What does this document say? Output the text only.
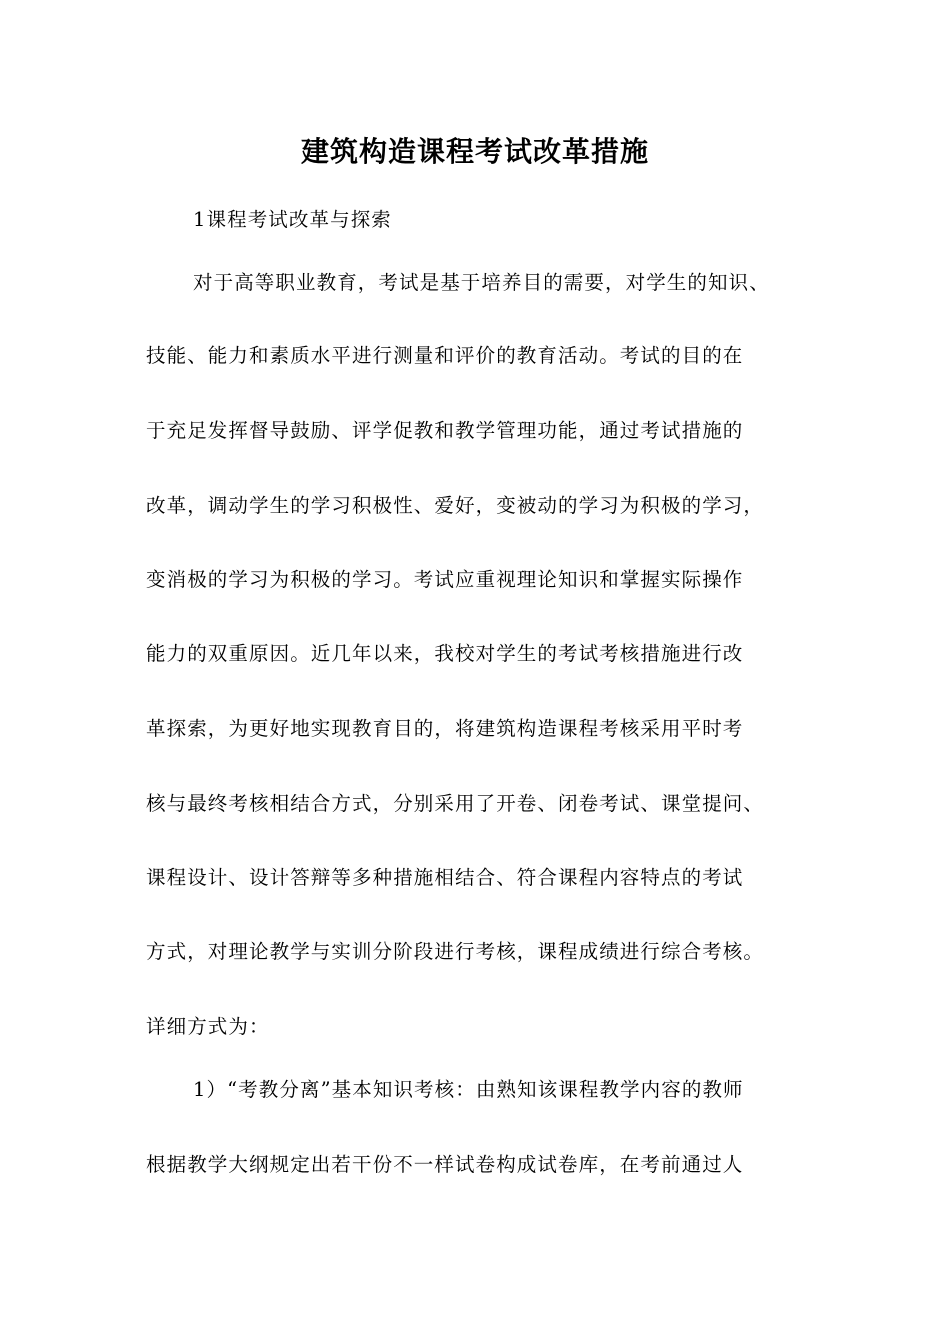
建筑构造课程考试改革措施
1课程考试改革与探索
对于高等职业教育，考试是基于培养目的需要，对学生的知识、
技能、能力和素质水平进行测量和评价的教育活动。考试的目的在
于充足发挥督导鼓励、评学促教和教学管理功能，通过考试措施的
改革，调动学生的学习积极性、爱好，变被动的学习为积极的学习，
变消极的学习为积极的学习。考试应重视理论知识和掌握实际操作
能力的双重原因。近几年以来，我校对学生的考试考核措施进行改
革探索，为更好地实现教育目的，将建筑构造课程考核采用平时考
核与最终考核相结合方式，分别采用了开卷、闭卷考试、课堂提问、
课程设计、设计答辩等多种措施相结合、符合课程内容特点的考试
方式，对理论教学与实训分阶段进行考核，课程成绩进行综合考核。
详细方式为：
1）“考教分离”基本知识考核：由熟知该课程教学内容的教师
根据教学大纲规定出若干份不一样试卷构成试卷库，在考前通过人
